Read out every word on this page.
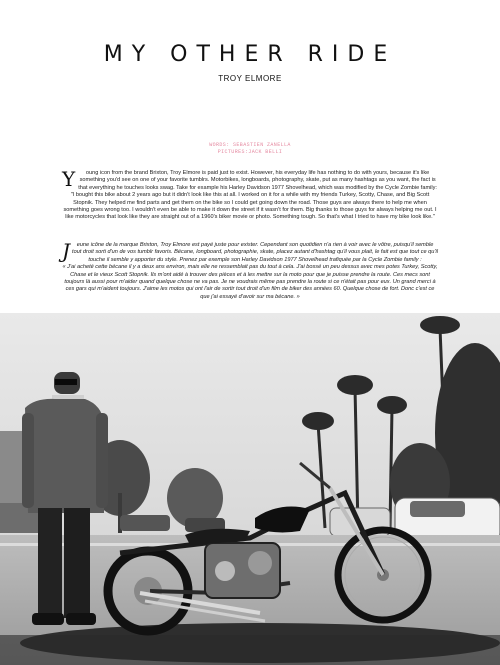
MY OTHER RIDE
TROY ELMORE
WORDS: SEBASTIEN ZANELLA
PICTURES:JACK BELLI
Y	oung icon from the brand Brixton, Troy Elmore is paid just to exist. However, his everyday life has nothing to do with yours, because it's like something you'd see on one of your favorite tumblrs. Motorbikes, longboards, photography, skate, put as many hashtags as you want, the fact is that everything he touches looks swag. Take for example his Harley Davidson 1977 Shovelhead, which was modified by the Cycle Zombie family:

"I bought this bike about 2 years ago but it didn't look like this at all. I worked on it for a while with my friends Turkey, Scotty, Chase, and Big Scott Stopnik. They helped me find parts and get them on the bike so I could get going down the road. Those guys are always there to help me when something goes wrong too. I wouldn't even be able to make it down the street if it wasn't for them. Big thanks to those guys for always helping me out. I like motorcycles that look like they are straight out of a 1960's biker movie or photo. Something tough. So that's what I tried to have my bike look like."

J	eune icône de la marque Brixton, Troy Elmore est payé juste pour exister. Cependant son quotidien n'a rien à voir avec le vôtre, puisqu'il semble tout droit sorti d'un de vos tumblr favoris. Bécane, longboard, photographie, skate, placez autant d'hashtag qu'il vous plait, le fait est que tout ce qu'il touche il semble y apporter du style. Prenez par exemple son Harley Davidson 1977 Shovelhead trafiquée par la Cycle Zombie family :

« J'ai acheté cette bécane il y a deux ans environ, mais elle ne ressemblait pas du tout à cela. J'ai bossé un peu dessus avec mes potes Turkey, Scotty, Chase et le vieux Scott Stopnik. Ils m'ont aidé à trouver des pièces et à les mettre sur la moto pour que je puisse prendre la route. Ces mecs sont toujours là aussi pour m'aider quand quelque chose ne va pas. Je ne voudrais même pas prendre la route si ce n'était pas pour eux. Un grand merci à ces gars qui m'aident toujours. J'aime les motos qui ont l'air de sortir tout droit d'un film de biker des années 60. Quelque chose de fort. Donc c'est ce que j'ai essayé d'avoir sur ma bécane. »
